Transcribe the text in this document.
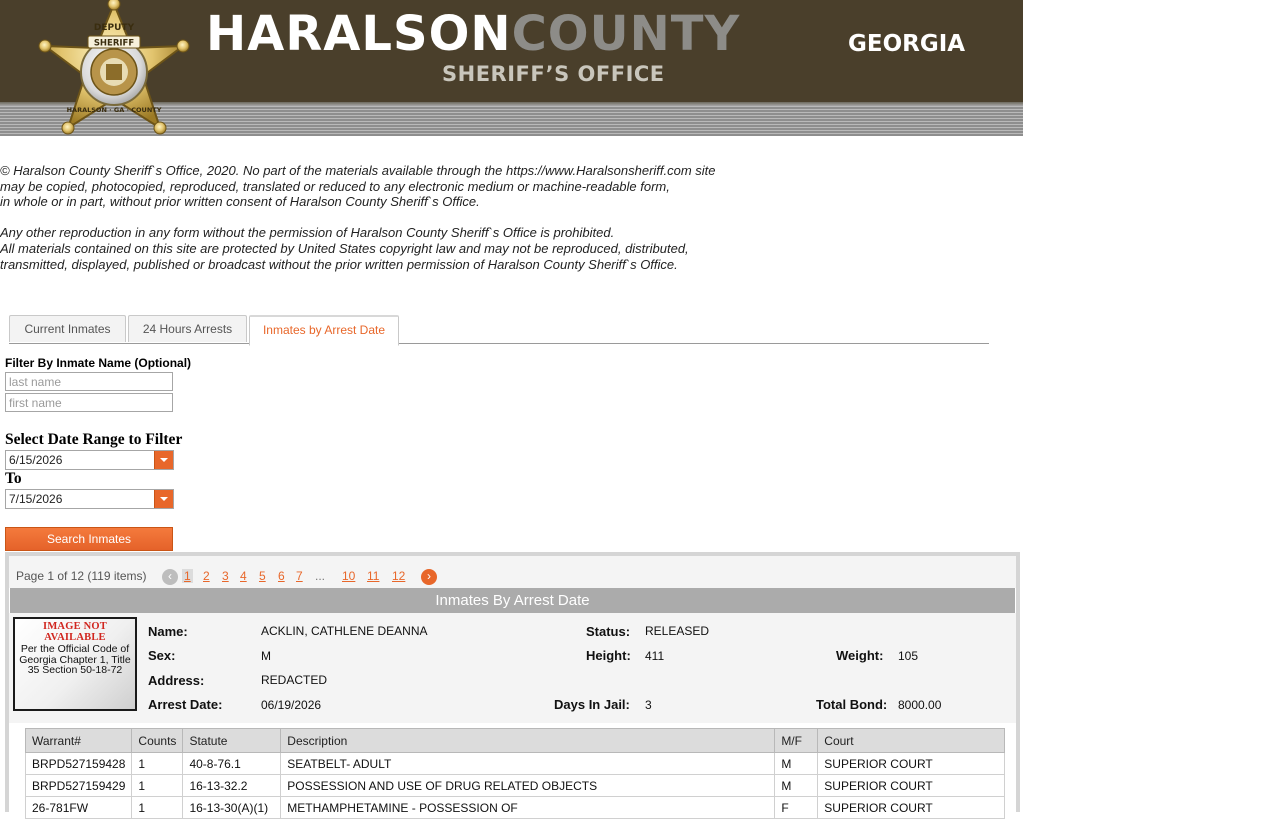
SHERIFF
DEPUTY
HARALSON · GA · COUNTY
HARALSONCOUNTY	GEORGIA
SHERIFF’S OFFICE

© Haralson County Sheriff`s Office, 2020. No part of the materials available through the https://www.Haralsonsheriff.com site
may be copied, photocopied, reproduced, translated or reduced to any electronic medium or machine-readable form,
in whole or in part, without prior written consent of Haralson County Sheriff`s Office.

Any other reproduction in any form without the permission of Haralson County Sheriff`s Office is prohibited.
All materials contained on this site are protected by United States copyright law and may not be reproduced, distributed,
transmitted, displayed, published or broadcast without the prior written permission of Haralson County Sheriff`s Office.

Current Inmates	24 Hours Arrests	Inmates by Arrest Date
Filter By Inmate Name (Optional)
last name
first name
Select Date Range to Filter
6/15/2026
To
7/15/2026
Search Inmates
Page 1 of 12 (119 items)	‹	1 2 3 4 5 6 7 ... 10 11 12	›
Inmates By Arrest Date
IMAGE NOT AVAILABLE
Per the Official Code of Georgia Chapter 1, Title 35 Section 50-18-72
Name:	ACKLIN, CATHLENE DEANNA	Status: RELEASED
Sex:	M	Height: 411	Weight: 105
Address:	REDACTED
Arrest Date:	06/19/2026	Days In Jail: 3	Total Bond: 8000.00
Warrant#	Counts	Statute	Description	M/F	Court
BRPD527159428	1	40-8-76.1	SEATBELT- ADULT	M	SUPERIOR COURT
BRPD527159429	1	16-13-32.2	POSSESSION AND USE OF DRUG RELATED OBJECTS	M	SUPERIOR COURT
26-781FW	1	16-13-30(A)(1)	METHAMPHETAMINE - POSSESSION OF	F	SUPERIOR COURT
